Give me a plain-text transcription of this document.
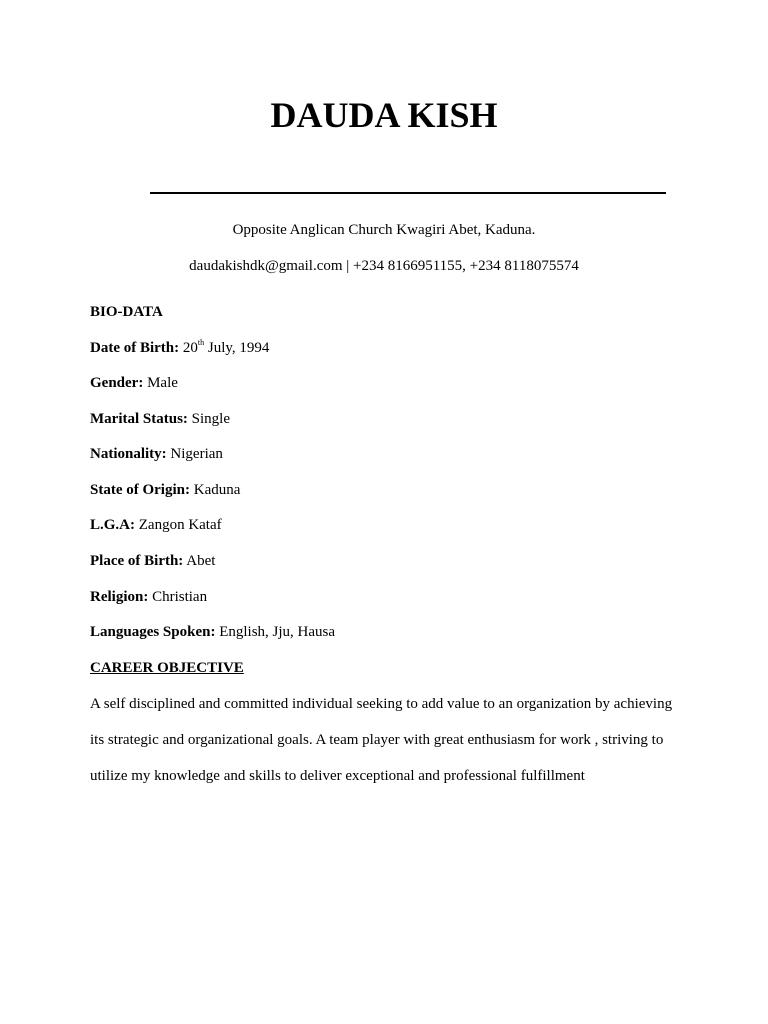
DAUDA KISH

Opposite Anglican Church Kwagiri Abet, Kaduna.

daudakishdk@gmail.com | +234 8166951155, +234 8118075574

BIO-DATA

Date of Birth: 20th July, 1994

Gender: Male

Marital Status: Single

Nationality: Nigerian

State of Origin: Kaduna

L.G.A: Zangon Kataf

Place of Birth: Abet

Religion: Christian

Languages Spoken: English, Jju, Hausa

CAREER OBJECTIVE

A self disciplined and committed individual seeking to add value to an organization by achieving

its strategic and organizational goals. A team player with great enthusiasm for work , striving to

utilize my knowledge and skills to deliver exceptional and professional fulfillment
